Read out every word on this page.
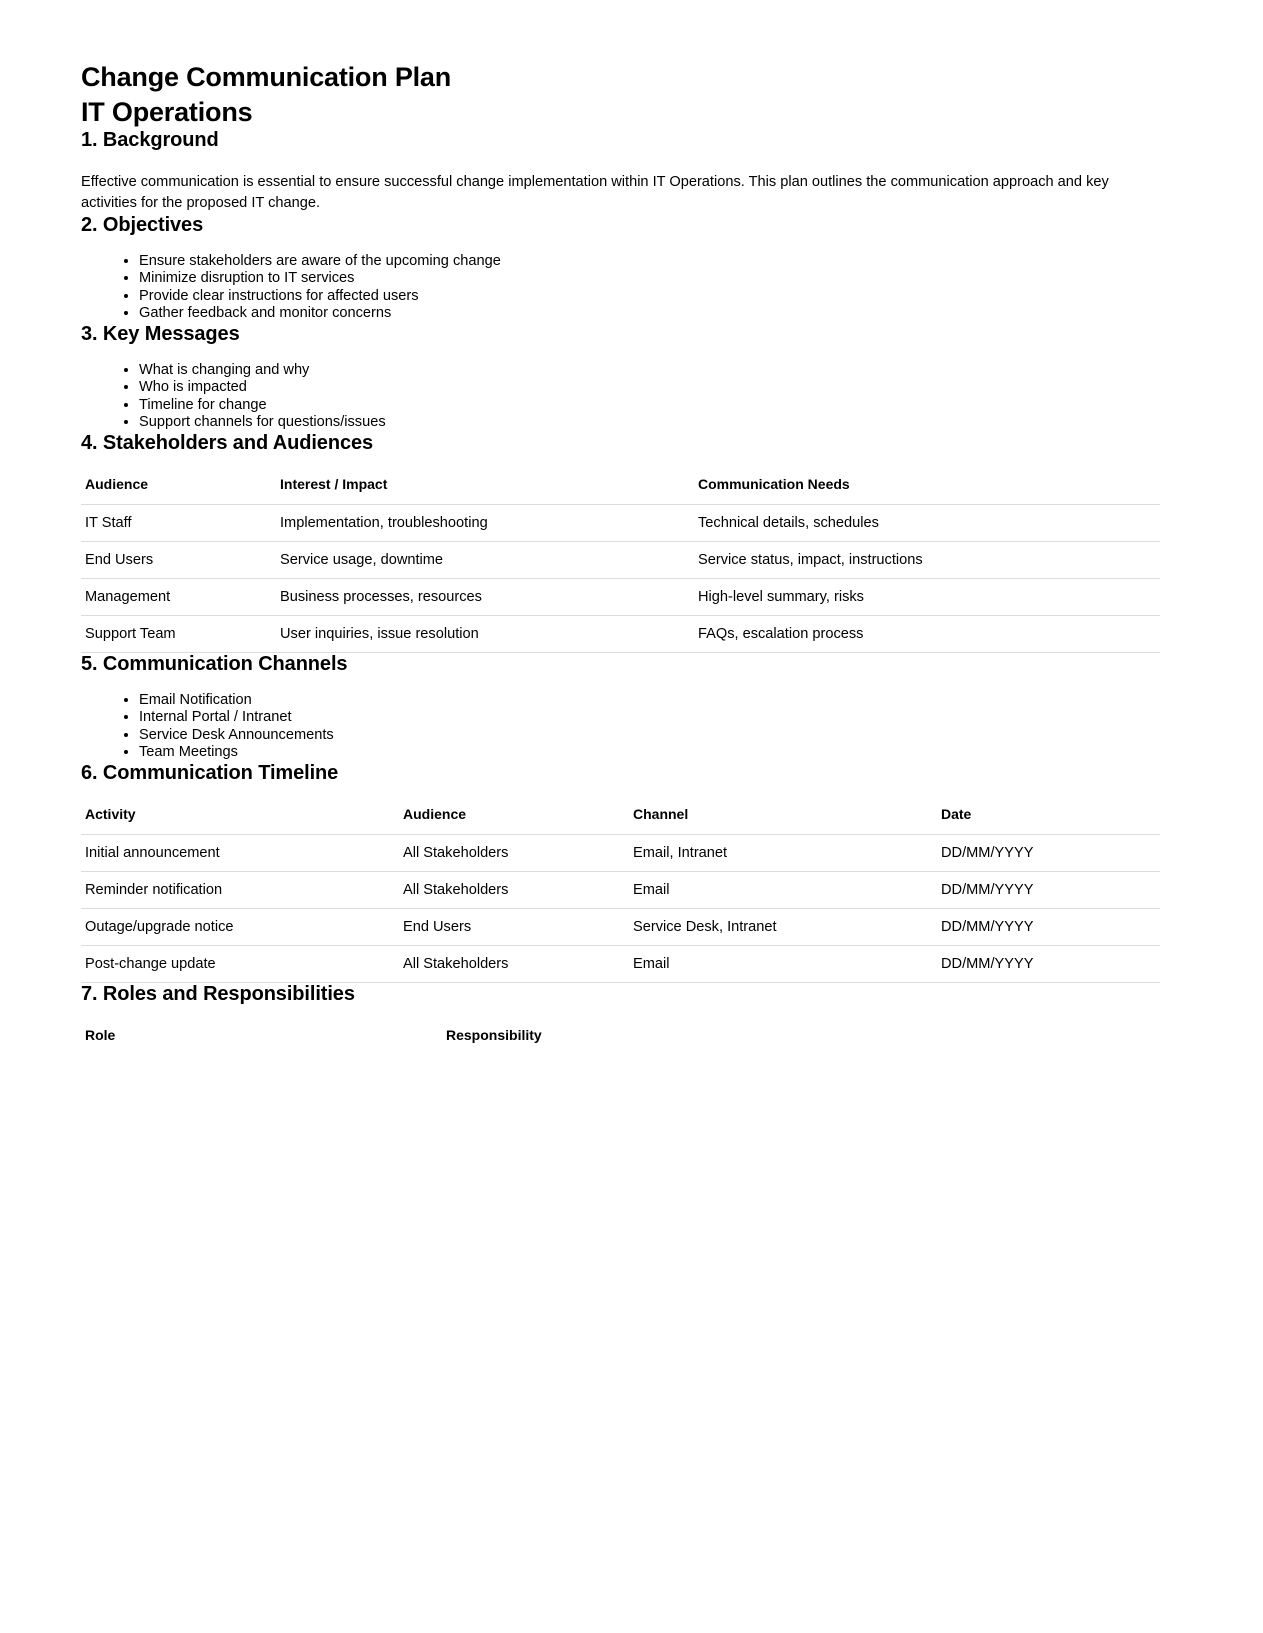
Change Communication Plan
IT Operations
1. Background

Effective communication is essential to ensure successful change implementation within IT Operations. This plan outlines the communication approach and key activities for the proposed IT change.

2. Objectives
• Ensure stakeholders are aware of the upcoming change
• Minimize disruption to IT services
• Provide clear instructions for affected users
• Gather feedback and monitor concerns
3. Key Messages
• What is changing and why
• Who is impacted
• Timeline for change
• Support channels for questions/issues
4. Stakeholders and Audiences
Audience	Interest / Impact	Communication Needs
IT Staff	Implementation, troubleshooting	Technical details, schedules
End Users	Service usage, downtime	Service status, impact, instructions
Management	Business processes, resources	High-level summary, risks
Support Team	User inquiries, issue resolution	FAQs, escalation process
5. Communication Channels
• Email Notification
• Internal Portal / Intranet
• Service Desk Announcements
• Team Meetings
6. Communication Timeline
Activity	Audience	Channel	Date
Initial announcement	All Stakeholders	Email, Intranet	DD/MM/YYYY
Reminder notification	All Stakeholders	Email	DD/MM/YYYY
Outage/upgrade notice	End Users	Service Desk, Intranet	DD/MM/YYYY
Post-change update	All Stakeholders	Email	DD/MM/YYYY
7. Roles and Responsibilities
Role	Responsibility
